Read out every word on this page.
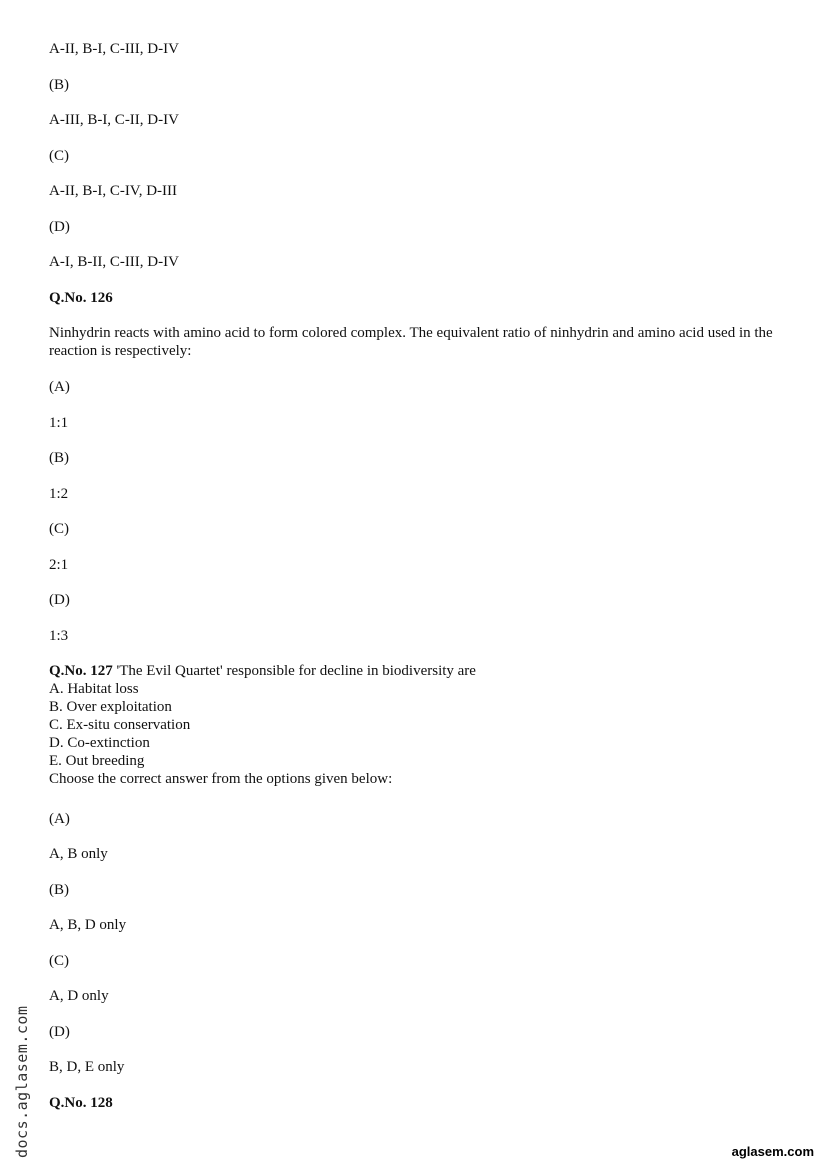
A-II, B-I, C-III, D-IV
(B)
A-III, B-I, C-II, D-IV
(C)
A-II, B-I, C-IV, D-III
(D)
A-I, B-II, C-III, D-IV
Q.No. 126
Ninhydrin reacts with amino acid to form colored complex. The equivalent ratio of ninhydrin and amino acid used in the reaction is respectively:
(A)
1:1
(B)
1:2
(C)
2:1
(D)
1:3
Q.No. 127 'The Evil Quartet' responsible for decline in biodiversity are
A. Habitat loss
B. Over exploitation
C. Ex-situ conservation
D. Co-extinction
E. Out breeding
Choose the correct answer from the options given below:
(A)
A, B only
(B)
A, B, D only
(C)
A, D only
(D)
B, D, E only
Q.No. 128
docs.aglasem.com	aglasem.com
